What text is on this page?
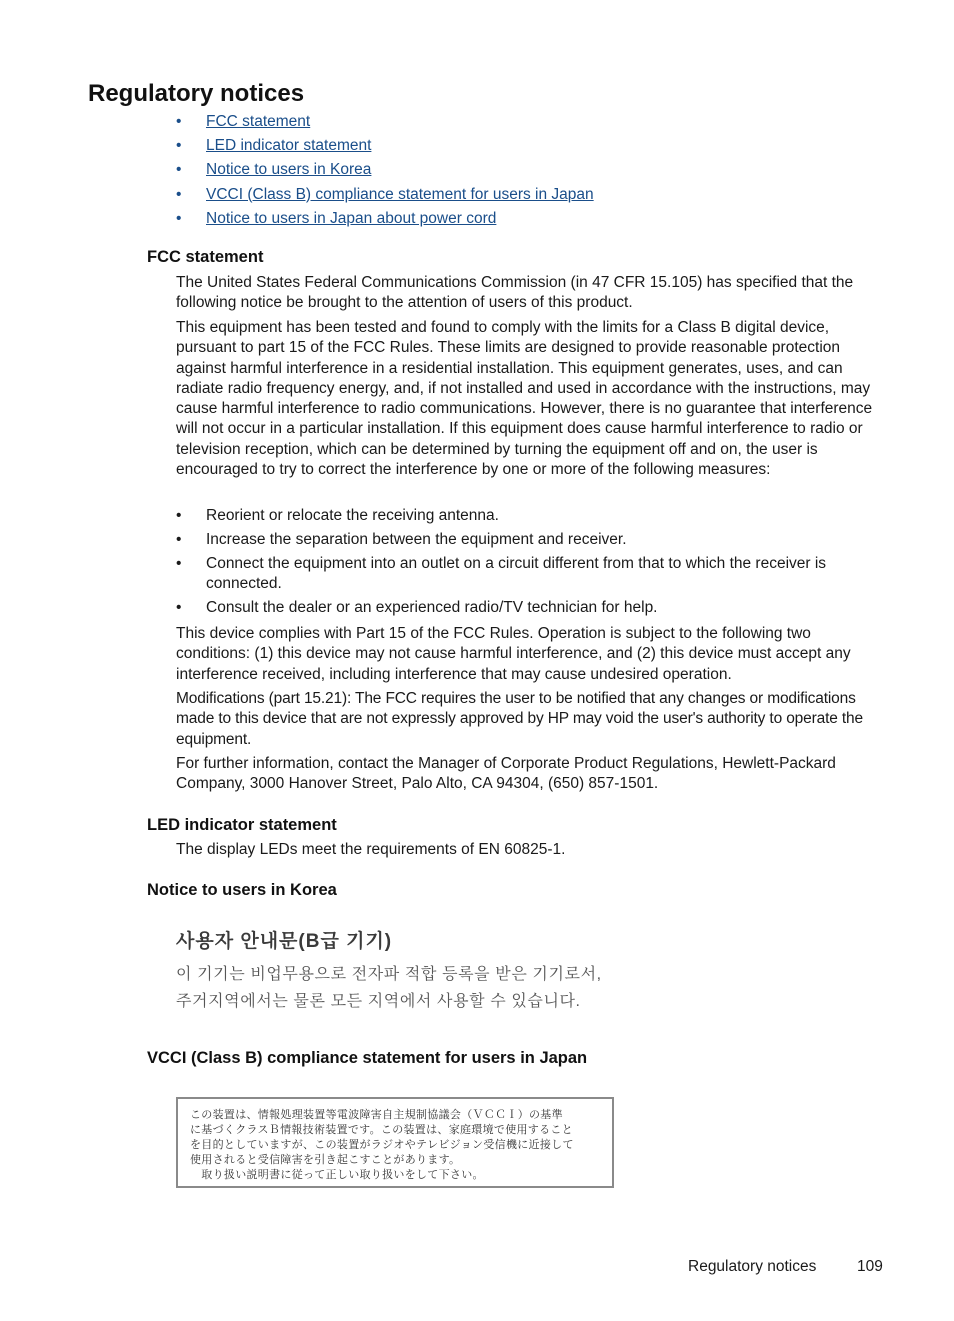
Regulatory notices
• FCC statement
• LED indicator statement
• Notice to users in Korea
• VCCI (Class B) compliance statement for users in Japan
• Notice to users in Japan about power cord
FCC statement

The United States Federal Communications Commission (in 47 CFR 15.105) has specified that the following notice be brought to the attention of users of this product.

This equipment has been tested and found to comply with the limits for a Class B digital device, pursuant to part 15 of the FCC Rules. These limits are designed to provide reasonable protection against harmful interference in a residential installation. This equipment generates, uses, and can radiate radio frequency energy, and, if not installed and used in accordance with the instructions, may cause harmful interference to radio communications. However, there is no guarantee that interference will not occur in a particular installation. If this equipment does cause harmful interference to radio or television reception, which can be determined by turning the equipment off and on, the user is encouraged to try to correct the interference by one or more of the following measures:

• Reorient or relocate the receiving antenna.
• Increase the separation between the equipment and receiver.
• Connect the equipment into an outlet on a circuit different from that to which the receiver is connected.
• Consult the dealer or an experienced radio/TV technician for help.

This device complies with Part 15 of the FCC Rules. Operation is subject to the following two conditions: (1) this device may not cause harmful interference, and (2) this device must accept any interference received, including interference that may cause undesired operation.

Modifications (part 15.21): The FCC requires the user to be notified that any changes or modifications made to this device that are not expressly approved by HP may void the user's authority to operate the equipment.

For further information, contact the Manager of Corporate Product Regulations, Hewlett-Packard Company, 3000 Hanover Street, Palo Alto, CA 94304, (650) 857-1501.

LED indicator statement

The display LEDs meet the requirements of EN 60825-1.

Notice to users in Korea
사용자 안내문(B급 기기)
이 기기는 비업무용으로 전자파 적합 등록을 받은 기기로서,
주거지역에서는 물론 모든 지역에서 사용할 수 있습니다.
VCCI (Class B) compliance statement for users in Japan
この装置は、情報処理装置等電波障害自主規制協議会（ＶＣＣＩ）の基準
に基づくクラスＢ情報技術装置です。この装置は、家庭環境で使用すること
を目的としていますが、この装置がラジオやテレビジョン受信機に近接して
使用されると受信障害を引き起こすことがあります。
　取り扱い説明書に従って正しい取り扱いをして下さい。
Regulatory notices	109
